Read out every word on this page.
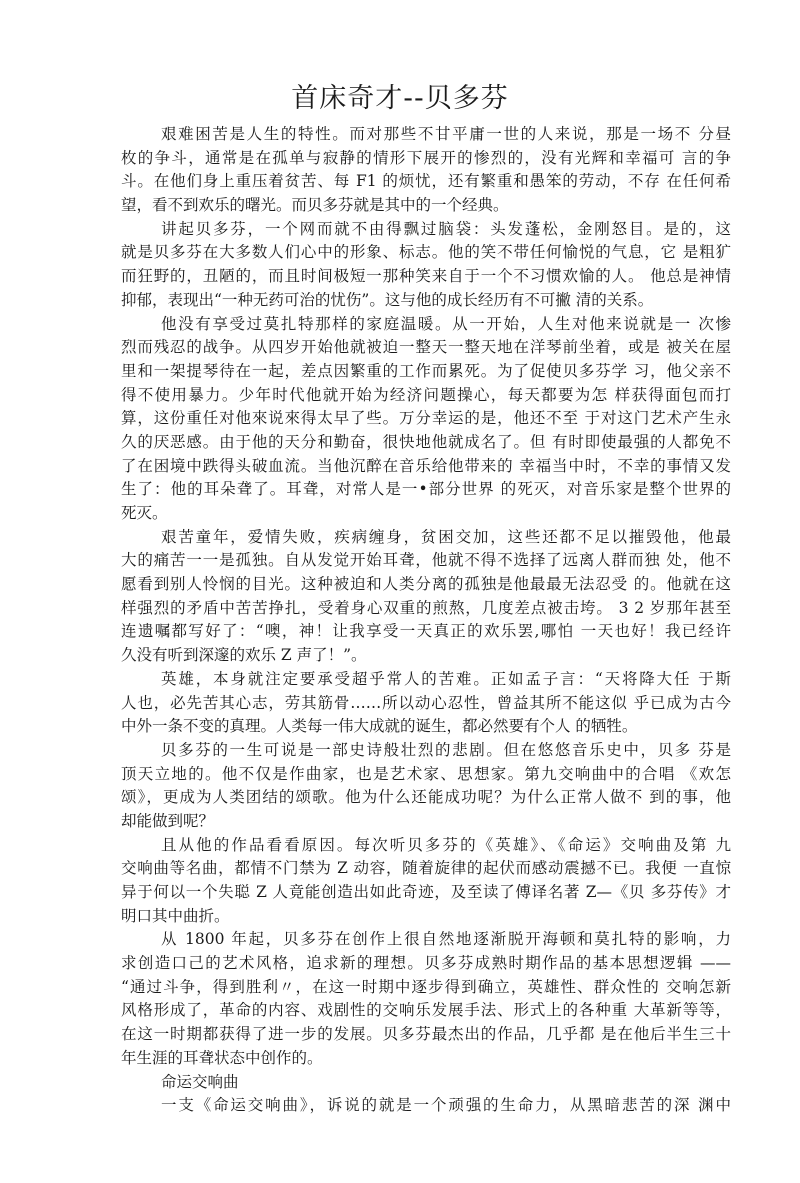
首床奇才--贝多芬
艰难困苦是人生的特性。而对那些不甘平庸一世的人来说，那是一场不 分昼
枚的争斗，通常是在孤单与寂静的情形下展开的惨烈的，没有光辉和幸福可 言的争
斗。在他们身上重压着贫苦、每 F1 的烦忧，还有繁重和愚笨的劳动，不存 在任何希
望，看不到欢乐的曙光。而贝多芬就是其中的一个经典。
讲起贝多芬，一个网而就不由得飘过脑袋：头发蓬松，金刚怒目。是的，这
就是贝多芬在大多数人们心中的形象、标志。他的笑不带任何愉悦的气息，它 是粗犷
而狂野的，丑陋的，而且时间极短一那种笑来自于一个不习惯欢愉的人。 他总是神情
抑郁，表现出“一种无药可治的忧伤”。这与他的成长经历有不可撇 清的关系。
他没有享受过莫扎特那样的家庭温暖。从一开始，人生对他来说就是一 次惨
烈而残忍的战争。从四岁开始他就被迫一整天一整天地在洋琴前坐着，或是 被关在屋
里和一架提琴待在一起，差点因繁重的工作而累死。为了促使贝多芬学 习，他父亲不
得不使用暴力。少年时代他就开始为经济问题操心，每天都要为怎 样获得面包而打
算，这份重任对他來说來得太早了些。万分幸运的是，他还不至 于对这门艺术产生永
久的厌恶感。由于他的天分和勤奋，很快地他就成名了。但 有时即使最强的人都免不
了在困境中跌得头破血流。当他沉醉在音乐给他带来的 幸福当中时，不幸的事情又发
生了：他的耳朵聋了。耳聋，对常人是一•部分世界 的死灭，对音乐家是整个世界的
死灭。
艰苦童年，爱情失败，疾病缠身，贫困交加，这些还都不足以摧毁他，他最
大的痛苦一一是孤独。自从发觉开始耳聋，他就不得不选择了远离人群而独 处，他不
愿看到别人怜悯的目光。这种被迫和人类分离的孤独是他最最无法忍受 的。他就在这
样强烈的矛盾中苦苦挣扎，受着身心双重的煎熬，几度差点被击垮。 3 2 岁那年甚至
连遗嘱都写好了：“噢，神！让我享受一天真正的欢乐罢,哪怕 一天也好！我已经许
久没有听到深邃的欢乐 Z 声了！”。
英雄，本身就注定要承受超乎常人的苦难。正如孟子言：“天将降大任 于斯
人也，必先苦其心志，劳其筋骨……所以动心忍性，曾益其所不能这似 乎已成为古今
中外一条不变的真理。人类每一伟大成就的诞生，都必然要有个人 的牺牲。
贝多芬的一生可说是一部史诗般壮烈的悲剧。但在悠悠音乐史中，贝多 芬是
顶天立地的。他不仅是作曲家，也是艺术家、思想家。第九交响曲中的合唱 《欢怎
颂》，更成为人类团结的颂歌。他为什么还能成功呢？为什么正常人做不 到的事，他
却能做到呢？
且从他的作品看看原因。每次听贝多芬的《英雄》、《命运》交响曲及第 九
交响曲等名曲，都情不门禁为 Z 动容，随着旋律的起伏而感动震撼不已。我便 一直惊
异于何以一个失聪 Z 人竟能创造出如此奇迹，及至读了傅译名著 Z—《贝 多芬传》才
明口其中曲折。
从 1800 年起，贝多芬在创作上很自然地逐渐脱开海顿和莫扎特的影响，力
求创造口己的艺术风格，追求新的理想。贝多芬成熟时期作品的基本思想逻辑 ——
“通过斗争，得到胜利〃，在这一时期中逐步得到确立，英雄性、群众性的 交响怎新
风格形成了，革命的内容、戏剧性的交响乐发展手法、形式上的各种重 大革新等等，
在这一时期都获得了进一步的发展。贝多芬最杰出的作品，几乎都 是在他后半生三十
年生涯的耳聋状态中创作的。
命运交响曲
一支《命运交响曲》，诉说的就是一个顽强的生命力，从黑暗悲苦的深 渊中
